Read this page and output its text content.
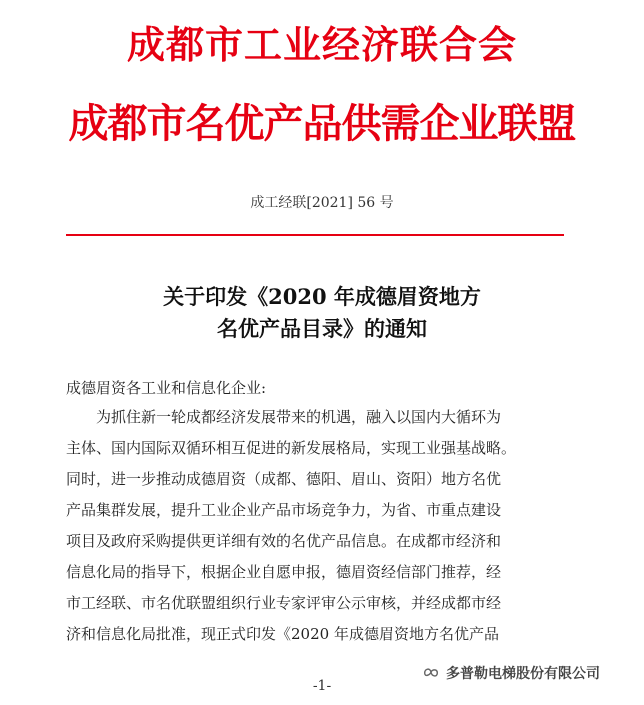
成都市工业经济联合会
成都市名优产品供需企业联盟
成工经联[2021] 56 号
关于印发《2020 年成德眉资地方
名优产品目录》的通知
成德眉资各工业和信息化企业:
为抓住新一轮成都经济发展带来的机遇，融入以国内大循环为
主体、国内国际双循环相互促进的新发展格局，实现工业强基战略。
同时，进一步推动成德眉资（成都、德阳、眉山、资阳）地方名优
产品集群发展，提升工业企业产品市场竞争力，为省、市重点建设
项目及政府采购提供更详细有效的名优产品信息。在成都市经济和
信息化局的指导下，根据企业自愿申报，德眉资经信部门推荐，经
市工经联、市名优联盟组织行业专家评审公示审核，并经成都市经
济和信息化局批准，现正式印发《2020 年成德眉资地方名优产品
多普勒电梯股份有限公司
-1-
